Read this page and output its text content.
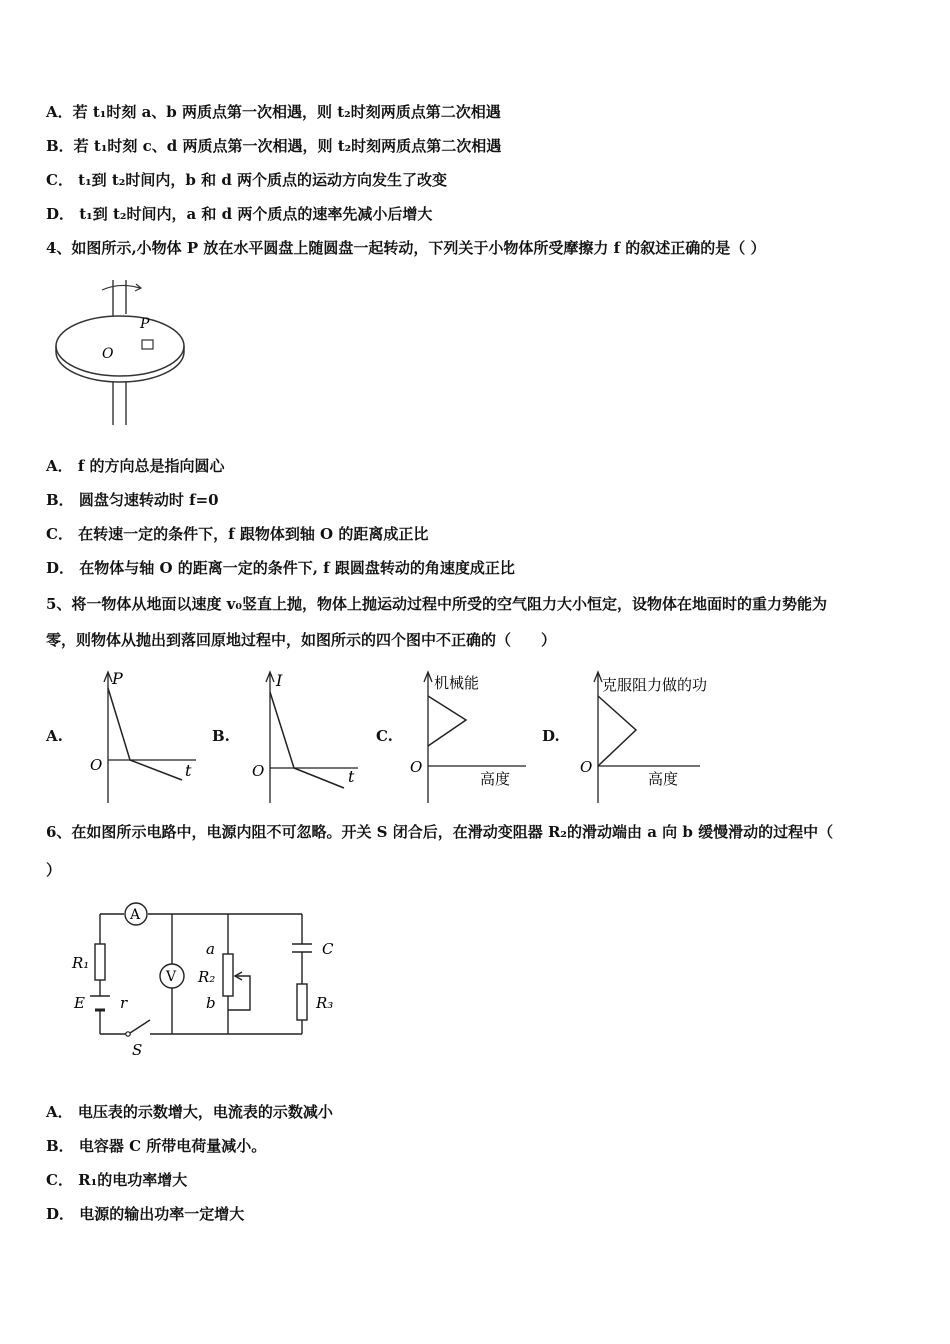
A．若 t₁时刻 a、b 两质点第一次相遇，则 t₂时刻两质点第二次相遇
B．若 t₁时刻 c、d 两质点第一次相遇，则 t₂时刻两质点第二次相遇
C． t₁到 t₂时间内，b 和 d 两个质点的运动方向发生了改变
D． t₁到 t₂时间内，a 和 d 两个质点的速率先减小后增大
4、如图所示,小物体 P 放在水平圆盘上随圆盘一起转动，下列关于小物体所受摩擦力 f 的叙述正确的是（ ）
P
O
A． f 的方向总是指向圆心
B． 圆盘匀速转动时 f=0
C． 在转速一定的条件下，f 跟物体到轴 O 的距离成正比
D． 在物体与轴 O 的距离一定的条件下, f 跟圆盘转动的角速度成正比
5、将一物体从地面以速度 v₀竖直上抛，物体上抛运动过程中所受的空气阻力大小恒定，设物体在地面时的重力势能为
零，则物体从抛出到落回原地过程中，如图所示的四个图中不正确的（　　）
A.
P
t
O
B.
I
t
O
C.
机械能
高度
O
D.
克服阻力做的功
高度
O
6、在如图所示电路中，电源内阻不可忽略。开关 S 闭合后，在滑动变阻器 R₂的滑动端由 a 向 b 缓慢滑动的过程中（
）
S
A
R₁
E r
V
a
R₂
b
C
R₃
A． 电压表的示数增大，电流表的示数减小
B． 电容器 C 所带电荷量减小。
C． R₁的电功率增大
D． 电源的输出功率一定增大
